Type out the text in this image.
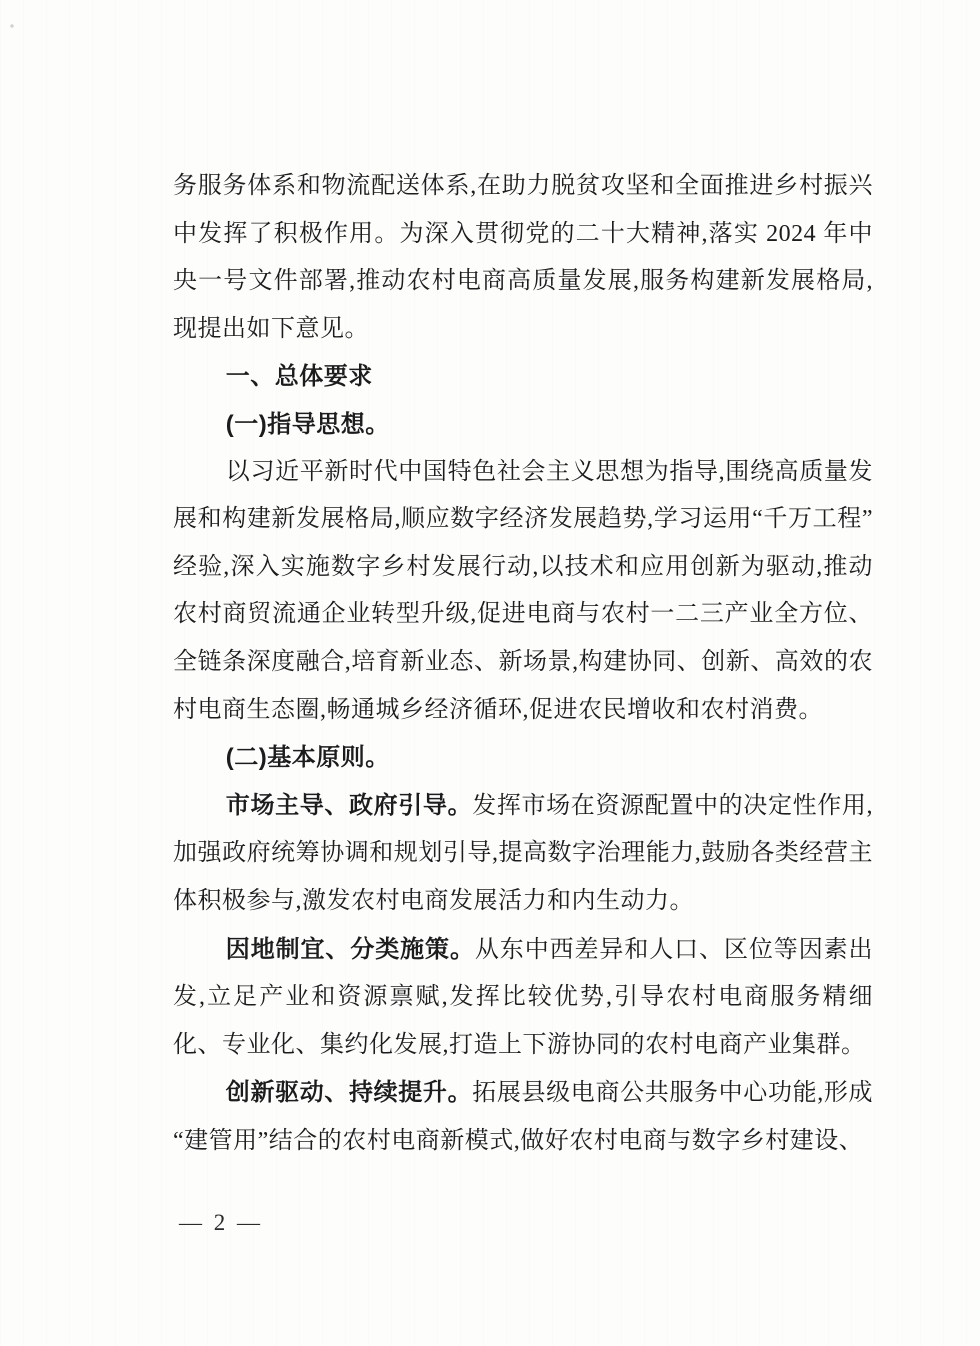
务服务体系和物流配送体系,在助力脱贫攻坚和全面推进乡村振兴中发挥了积极作用。为深入贯彻党的二十大精神,落实 2024 年中央一号文件部署,推动农村电商高质量发展,服务构建新发展格局,现提出如下意见。

一、总体要求

(一)指导思想。

以习近平新时代中国特色社会主义思想为指导,围绕高质量发展和构建新发展格局,顺应数字经济发展趋势,学习运用“千万工程”经验,深入实施数字乡村发展行动,以技术和应用创新为驱动,推动农村商贸流通企业转型升级,促进电商与农村一二三产业全方位、全链条深度融合,培育新业态、新场景,构建协同、创新、高效的农村电商生态圈,畅通城乡经济循环,促进农民增收和农村消费。

(二)基本原则。

市场主导、政府引导。发挥市场在资源配置中的决定性作用,加强政府统筹协调和规划引导,提高数字治理能力,鼓励各类经营主体积极参与,激发农村电商发展活力和内生动力。

因地制宜、分类施策。从东中西差异和人口、区位等因素出发,立足产业和资源禀赋,发挥比较优势,引导农村电商服务精细化、专业化、集约化发展,打造上下游协同的农村电商产业集群。

创新驱动、持续提升。拓展县级电商公共服务中心功能,形成“建管用”结合的农村电商新模式,做好农村电商与数字乡村建设、

— 2 —
